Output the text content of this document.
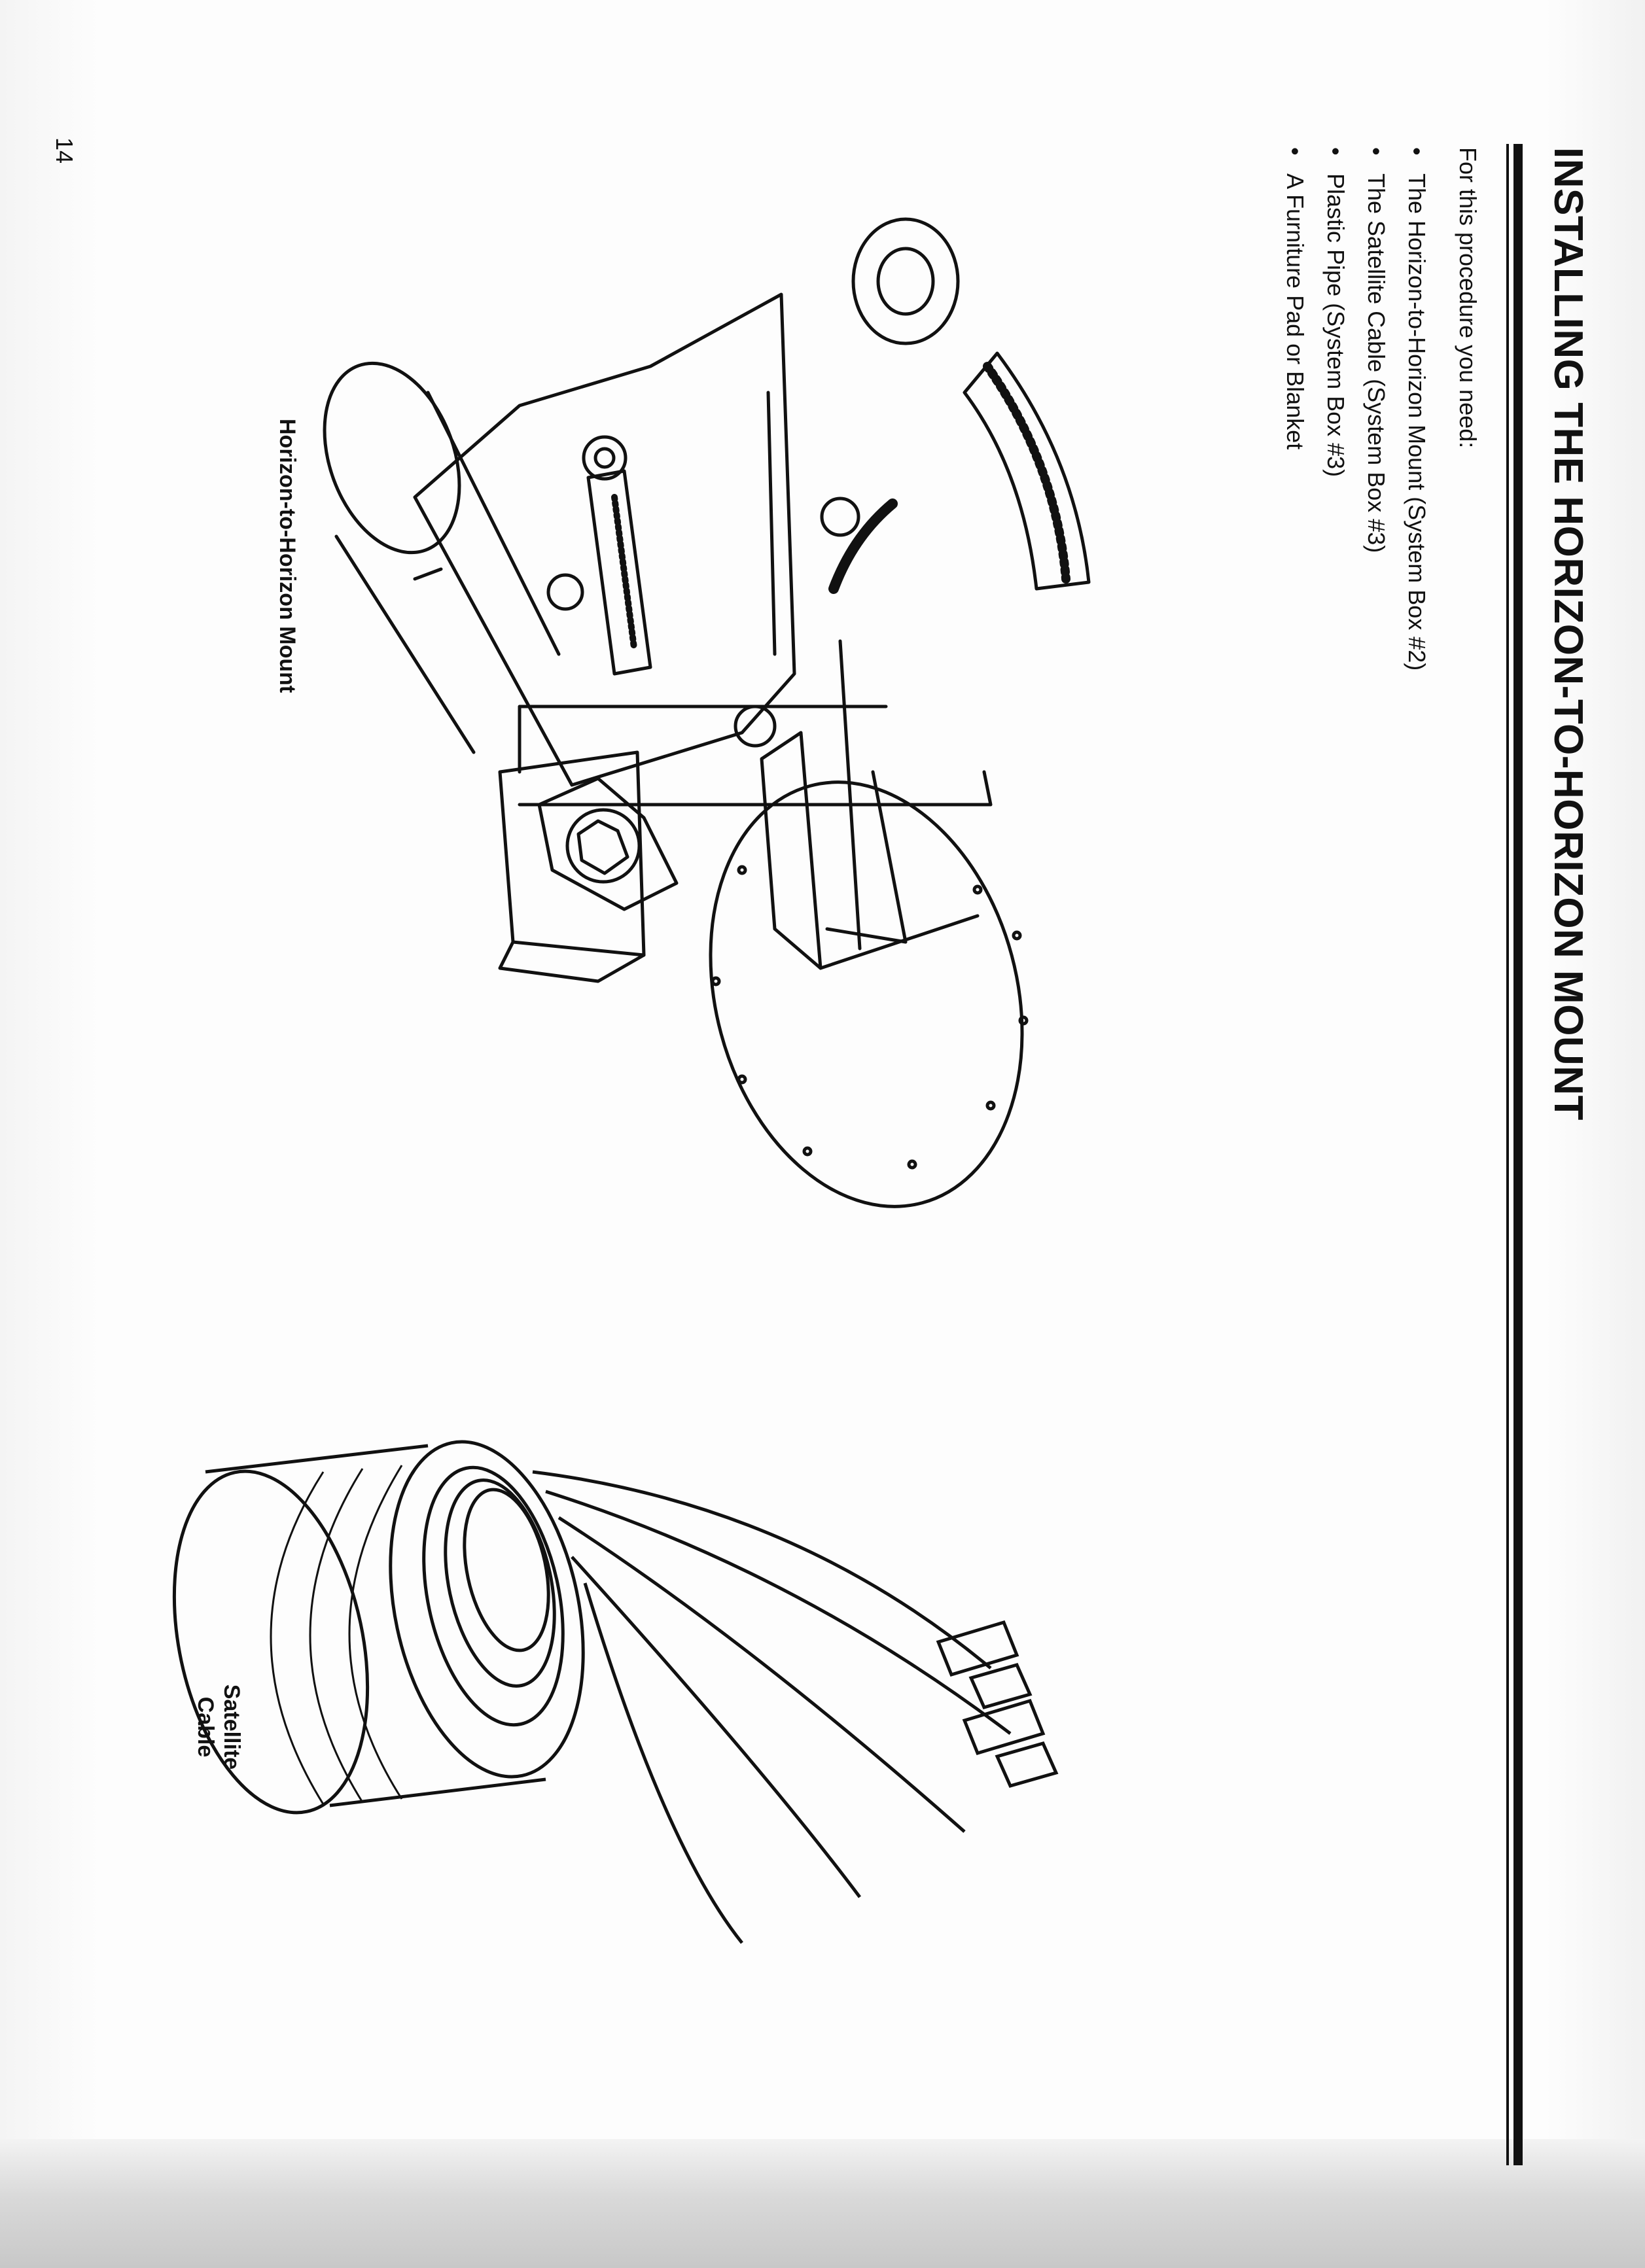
INSTALLING THE HORIZON-TO-HORIZON MOUNT
For this procedure you need:
•The Horizon-to-Horizon Mount (System Box #2)
•The Satellite Cable (System Box #3)
•Plastic Pipe (System Box #3)
•A Furniture Pad or Blanket
Horizon-to-Horizon Mount
Satellite
Cable
14
